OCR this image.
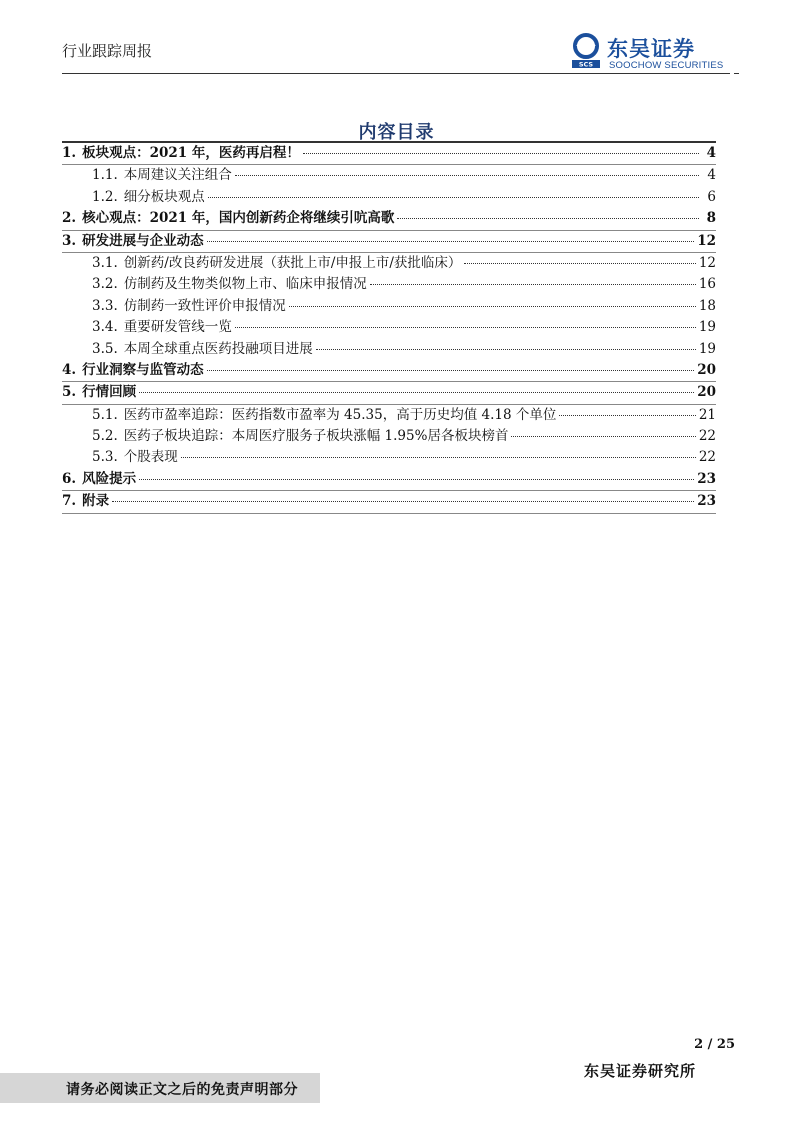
行业跟踪周报
SCS
东吴证券
SOOCHOW SECURITIES
内容目录
1. 板块观点：2021 年，医药再启程！	4
1.1. 本周建议关注组合	4
1.2. 细分板块观点	6
2. 核心观点：2021 年，国内创新药企将继续引吭高歌	8
3. 研发进展与企业动态	12
3.1. 创新药/改良药研发进展（获批上市/申报上市/获批临床）	12
3.2. 仿制药及生物类似物上市、临床申报情况	16
3.3. 仿制药一致性评价申报情况	18
3.4. 重要研发管线一览	19
3.5. 本周全球重点医药投融项目进展	19
4. 行业洞察与监管动态	20
5. 行情回顾	20
5.1. 医药市盈率追踪：医药指数市盈率为 45.35，高于历史均值 4.18 个单位	21
5.2. 医药子板块追踪：本周医疗服务子板块涨幅 1.95%居各板块榜首	22
5.3. 个股表现	22
6. 风险提示	23
7. 附录	23
2 / 25
东吴证券研究所
请务必阅读正文之后的免责声明部分
